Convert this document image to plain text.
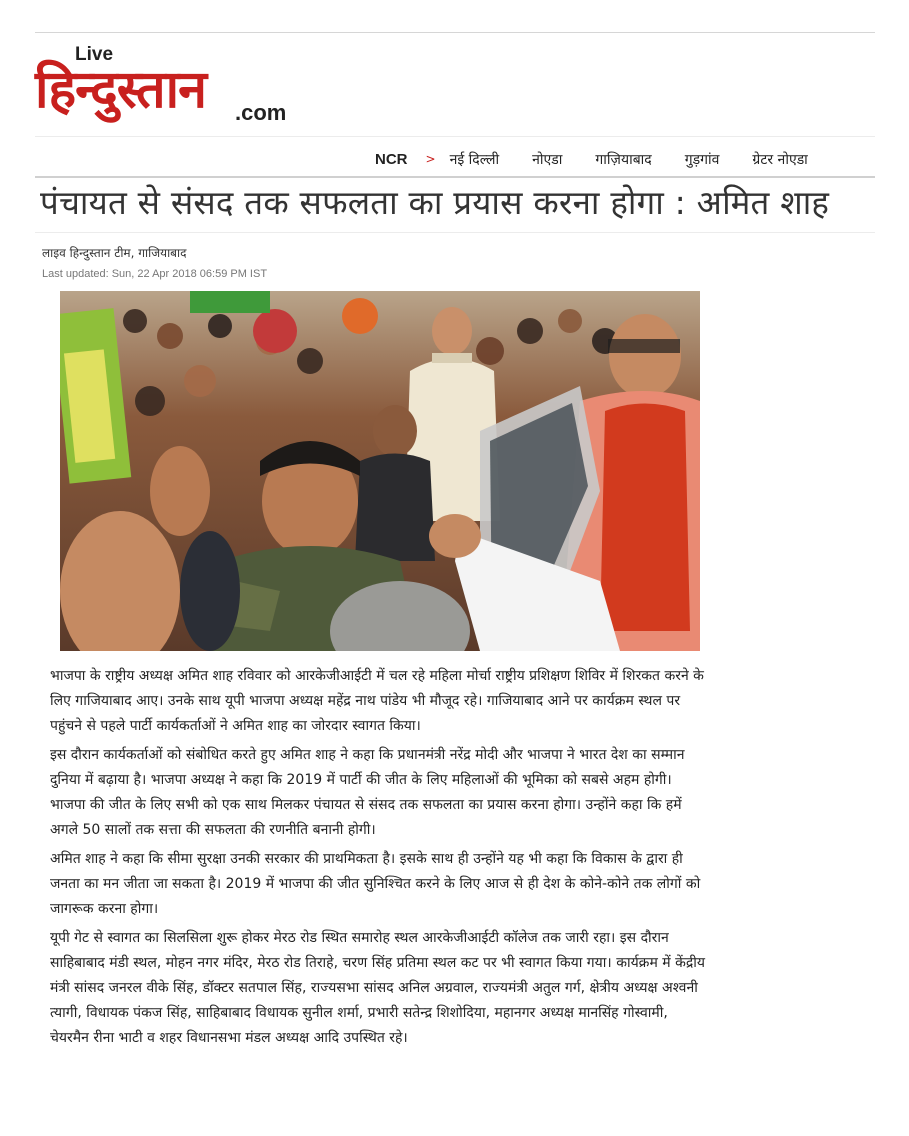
Live
हिन्दुस्तान .com
NCR > नई दिल्ली नोएडा गाज़ियाबाद गुड़गांव ग्रेटर नोएडा
पंचायत से संसद तक सफलता का प्रयास करना होगा : अमित शाह
लाइव हिन्दुस्तान टीम, गाजियाबाद
Last updated: Sun, 22 Apr 2018 06:59 PM IST

भाजपा के राष्ट्रीय अध्यक्ष अमित शाह रविवार को आरकेजीआईटी में चल रहे महिला मोर्चा राष्ट्रीय प्रशिक्षण शिविर में शिरकत करने के लिए गाजियाबाद आए। उनके साथ यूपी भाजपा अध्यक्ष महेंद्र नाथ पांडेय भी मौजूद रहे। गाजियाबाद आने पर कार्यक्रम स्थल पर पहुंचने से पहले पार्टी कार्यकर्ताओं ने अमित शाह का जोरदार स्वागत किया।

इस दौरान कार्यकर्ताओं को संबोधित करते हुए अमित शाह ने कहा कि प्रधानमंत्री नरेंद्र मोदी और भाजपा ने भारत देश का सम्मान दुनिया में बढ़ाया है। भाजपा अध्यक्ष ने कहा कि 2019 में पार्टी की जीत के लिए महिलाओं की भूमिका को सबसे अहम होगी। भाजपा की जीत के लिए सभी को एक साथ मिलकर पंचायत से संसद तक सफलता का प्रयास करना होगा। उन्होंने कहा कि हमें अगले 50 सालों तक सत्ता की सफलता की रणनीति बनानी होगी।

अमित शाह ने कहा कि सीमा सुरक्षा उनकी सरकार की प्राथमिकता है। इसके साथ ही उन्होंने यह भी कहा कि विकास के द्वारा ही जनता का मन जीता जा सकता है। 2019 में भाजपा की जीत सुनिश्चित करने के लिए आज से ही देश के कोने-कोने तक लोगों को जागरूक करना होगा।

यूपी गेट से स्वागत का सिलसिला शुरू होकर मेरठ रोड स्थित समारोह स्थल आरकेजीआईटी कॉलेज तक जारी रहा। इस दौरान साहिबाबाद मंडी स्थल, मोहन नगर मंदिर, मेरठ रोड तिराहे, चरण सिंह प्रतिमा स्थल कट पर भी स्वागत किया गया। कार्यक्रम में केंद्रीय मंत्री सांसद जनरल वीके सिंह, डॉक्टर सतपाल सिंह, राज्यसभा सांसद अनिल अग्रवाल, राज्यमंत्री अतुल गर्ग, क्षेत्रीय अध्यक्ष अश्वनी त्यागी, विधायक पंकज सिंह, साहिबाबाद विधायक सुनील शर्मा, प्रभारी सतेन्द्र शिशोदिया, महानगर अध्यक्ष मानसिंह गोस्वामी, चेयरमैन रीना भाटी व शहर विधानसभा मंडल अध्यक्ष आदि उपस्थित रहे।
